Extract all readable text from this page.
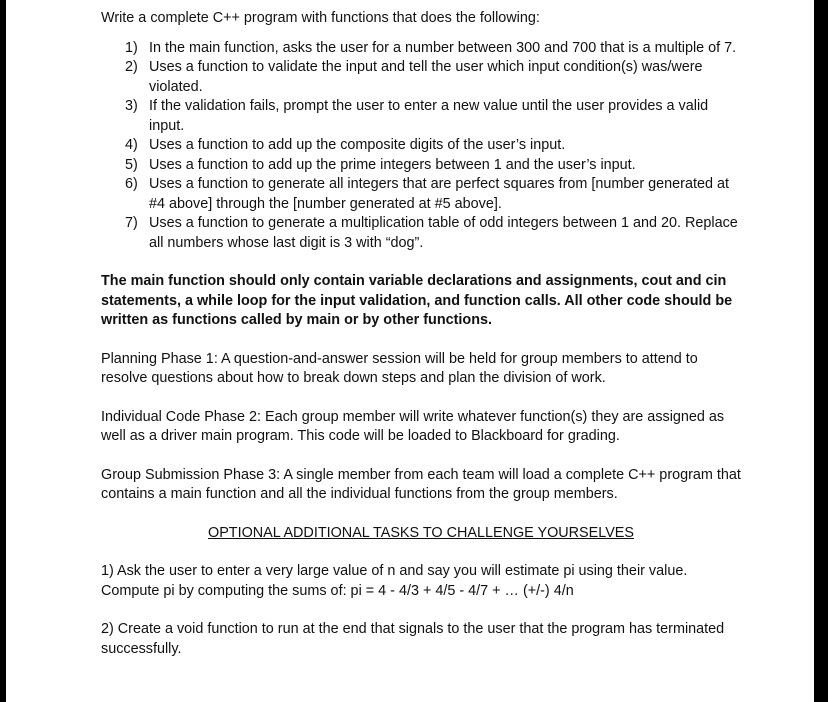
Write a complete C++ program with functions that does the following:

1) In the main function, asks the user for a number between 300 and 700 that is a multiple of 7.
2) Uses a function to validate the input and tell the user which input condition(s) was/were violated.
3) If the validation fails, prompt the user to enter a new value until the user provides a valid input.
4) Uses a function to add up the composite digits of the user’s input.
5) Uses a function to add up the prime integers between 1 and the user’s input.
6) Uses a function to generate all integers that are perfect squares from [number generated at #4 above] through the [number generated at #5 above].
7) Uses a function to generate a multiplication table of odd integers between 1 and 20. Replace all numbers whose last digit is 3 with “dog”.

The main function should only contain variable declarations and assignments, cout and cin statements, a while loop for the input validation, and function calls. All other code should be written as functions called by main or by other functions.

Planning Phase 1: A question-and-answer session will be held for group members to attend to resolve questions about how to break down steps and plan the division of work.

Individual Code Phase 2: Each group member will write whatever function(s) they are assigned as well as a driver main program. This code will be loaded to Blackboard for grading.

Group Submission Phase 3: A single member from each team will load a complete C++ program that contains a main function and all the individual functions from the group members.

OPTIONAL ADDITIONAL TASKS TO CHALLENGE YOURSELVES

1) Ask the user to enter a very large value of n and say you will estimate pi using their value. Compute pi by computing the sums of: pi = 4 - 4/3 + 4/5 - 4/7 + … (+/-) 4/n

2) Create a void function to run at the end that signals to the user that the program has terminated successfully.
